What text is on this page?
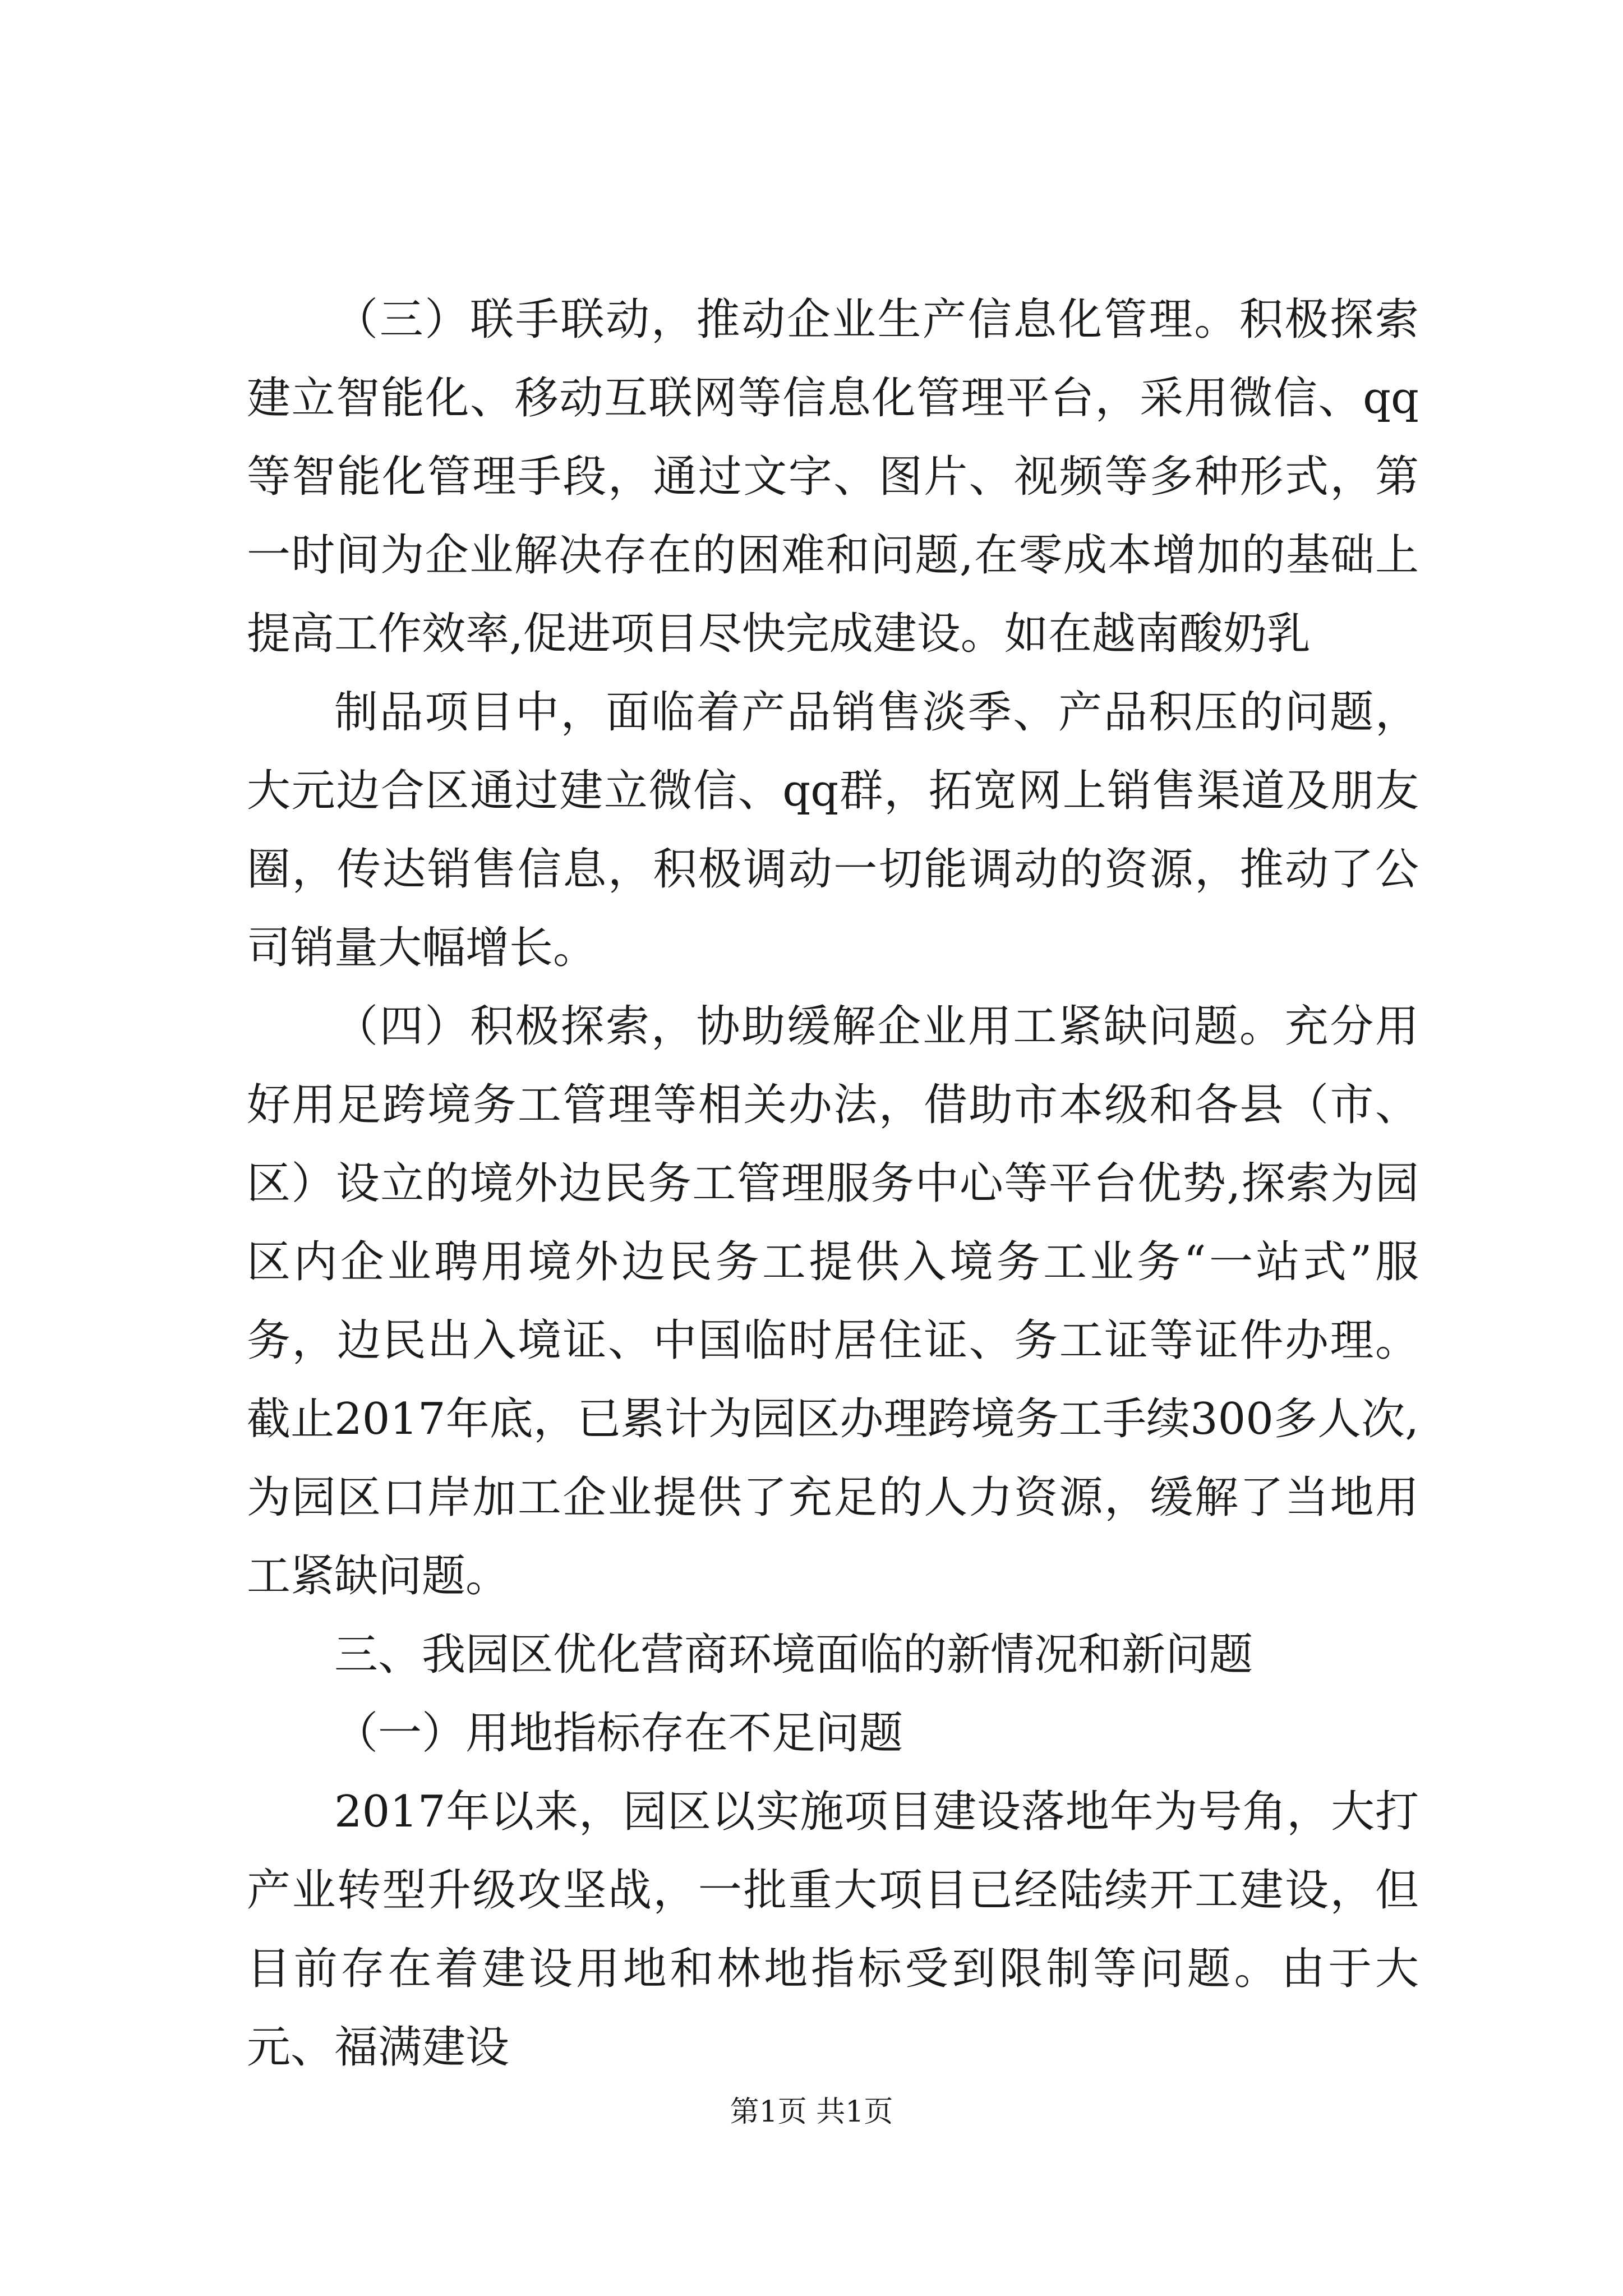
（三）联手联动，推动企业生产信息化管理。积极探索建立智能化、移动互联网等信息化管理平台，采用微信、qq等智能化管理手段，通过文字、图片、视频等多种形式，第一时间为企业解决存在的困难和问题,在零成本增加的基础上提高工作效率,促进项目尽快完成建设。如在越南酸奶乳

制品项目中，面临着产品销售淡季、产品积压的问题，大元边合区通过建立微信、qq群，拓宽网上销售渠道及朋友圈，传达销售信息，积极调动一切能调动的资源，推动了公司销量大幅增长。

（四）积极探索，协助缓解企业用工紧缺问题。充分用好用足跨境务工管理等相关办法，借助市本级和各县（市、区）设立的境外边民务工管理服务中心等平台优势,探索为园区内企业聘用境外边民务工提供入境务工业务“一站式”服务，边民出入境证、中国临时居住证、务工证等证件办理。截止2017年底，已累计为园区办理跨境务工手续300多人次,为园区口岸加工企业提供了充足的人力资源，缓解了当地用工紧缺问题。

三、我园区优化营商环境面临的新情况和新问题

（一）用地指标存在不足问题

2017年以来，园区以实施项目建设落地年为号角，大打产业转型升级攻坚战，一批重大项目已经陆续开工建设，但目前存在着建设用地和林地指标受到限制等问题。由于大元、福满建设

第1页 共1页
